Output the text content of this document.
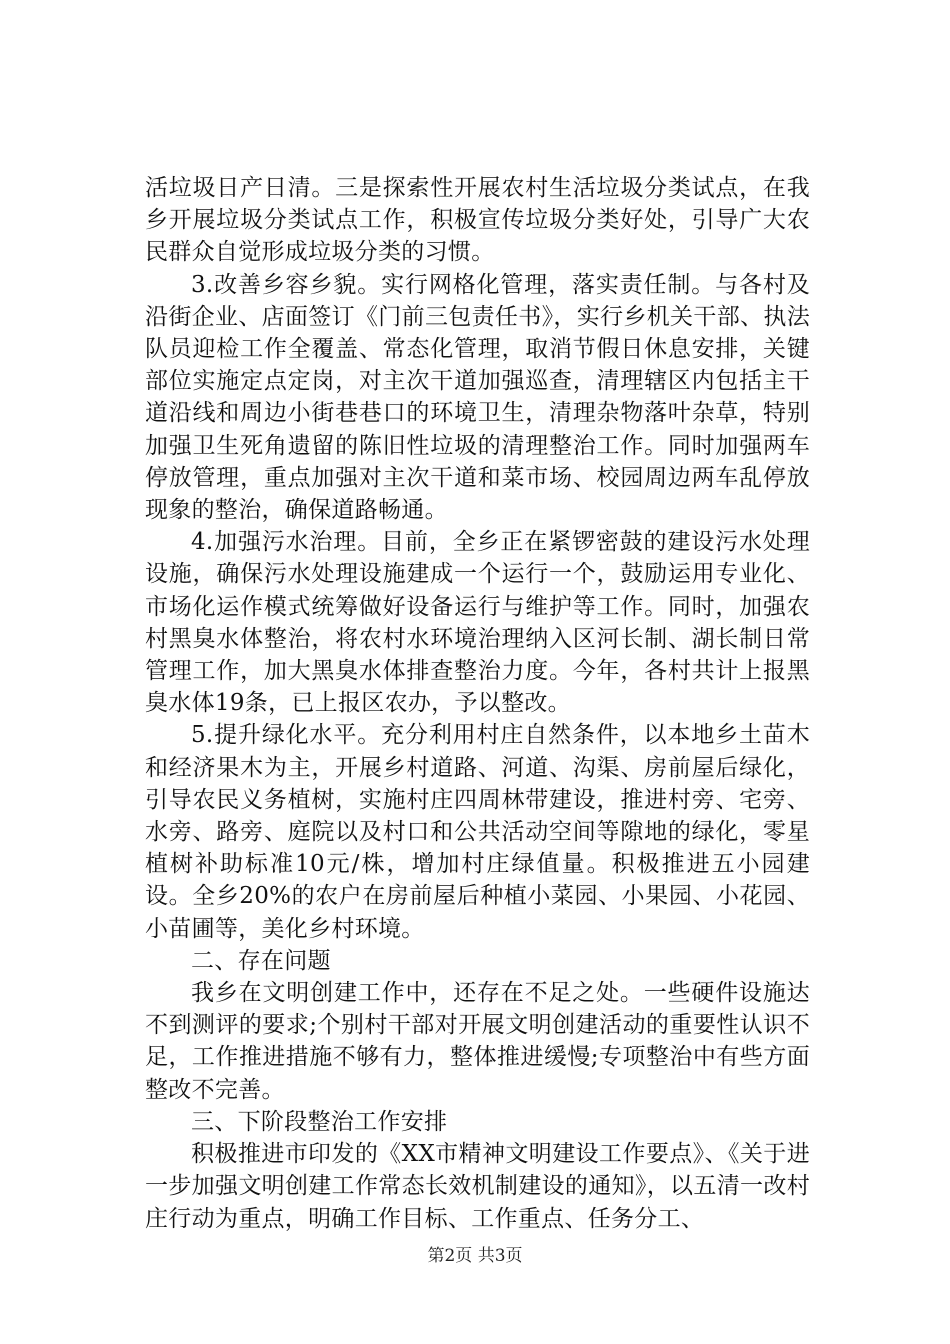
活垃圾日产日清。三是探索性开展农村生活垃圾分类试点，在我乡开展垃圾分类试点工作，积极宣传垃圾分类好处，引导广大农民群众自觉形成垃圾分类的习惯。

3.改善乡容乡貌。实行网格化管理，落实责任制。与各村及沿街企业、店面签订《门前三包责任书》，实行乡机关干部、执法队员迎检工作全覆盖、常态化管理，取消节假日休息安排，关键部位实施定点定岗，对主次干道加强巡查，清理辖区内包括主干道沿线和周边小街巷巷口的环境卫生，清理杂物落叶杂草，特别加强卫生死角遗留的陈旧性垃圾的清理整治工作。同时加强两车停放管理，重点加强对主次干道和菜市场、校园周边两车乱停放现象的整治，确保道路畅通。

4.加强污水治理。目前，全乡正在紧锣密鼓的建设污水处理设施，确保污水处理设施建成一个运行一个，鼓励运用专业化、市场化运作模式统筹做好设备运行与维护等工作。同时，加强农村黑臭水体整治，将农村水环境治理纳入区河长制、湖长制日常管理工作，加大黑臭水体排查整治力度。今年，各村共计上报黑臭水体19条，已上报区农办，予以整改。

5.提升绿化水平。充分利用村庄自然条件，以本地乡土苗木和经济果木为主，开展乡村道路、河道、沟渠、房前屋后绿化，引导农民义务植树，实施村庄四周林带建设，推进村旁、宅旁、水旁、路旁、庭院以及村口和公共活动空间等隙地的绿化，零星植树补助标准10元/株，增加村庄绿值量。积极推进五小园建设。全乡20%的农户在房前屋后种植小菜园、小果园、小花园、小苗圃等，美化乡村环境。

二、存在问题

我乡在文明创建工作中，还存在不足之处。一些硬件设施达不到测评的要求;个别村干部对开展文明创建活动的重要性认识不足，工作推进措施不够有力，整体推进缓慢;专项整治中有些方面整改不完善。

三、下阶段整治工作安排

积极推进市印发的《XX市精神文明建设工作要点》、《关于进一步加强文明创建工作常态长效机制建设的通知》，以五清一改村庄行动为重点，明确工作目标、工作重点、任务分工、

第2页 共3页
